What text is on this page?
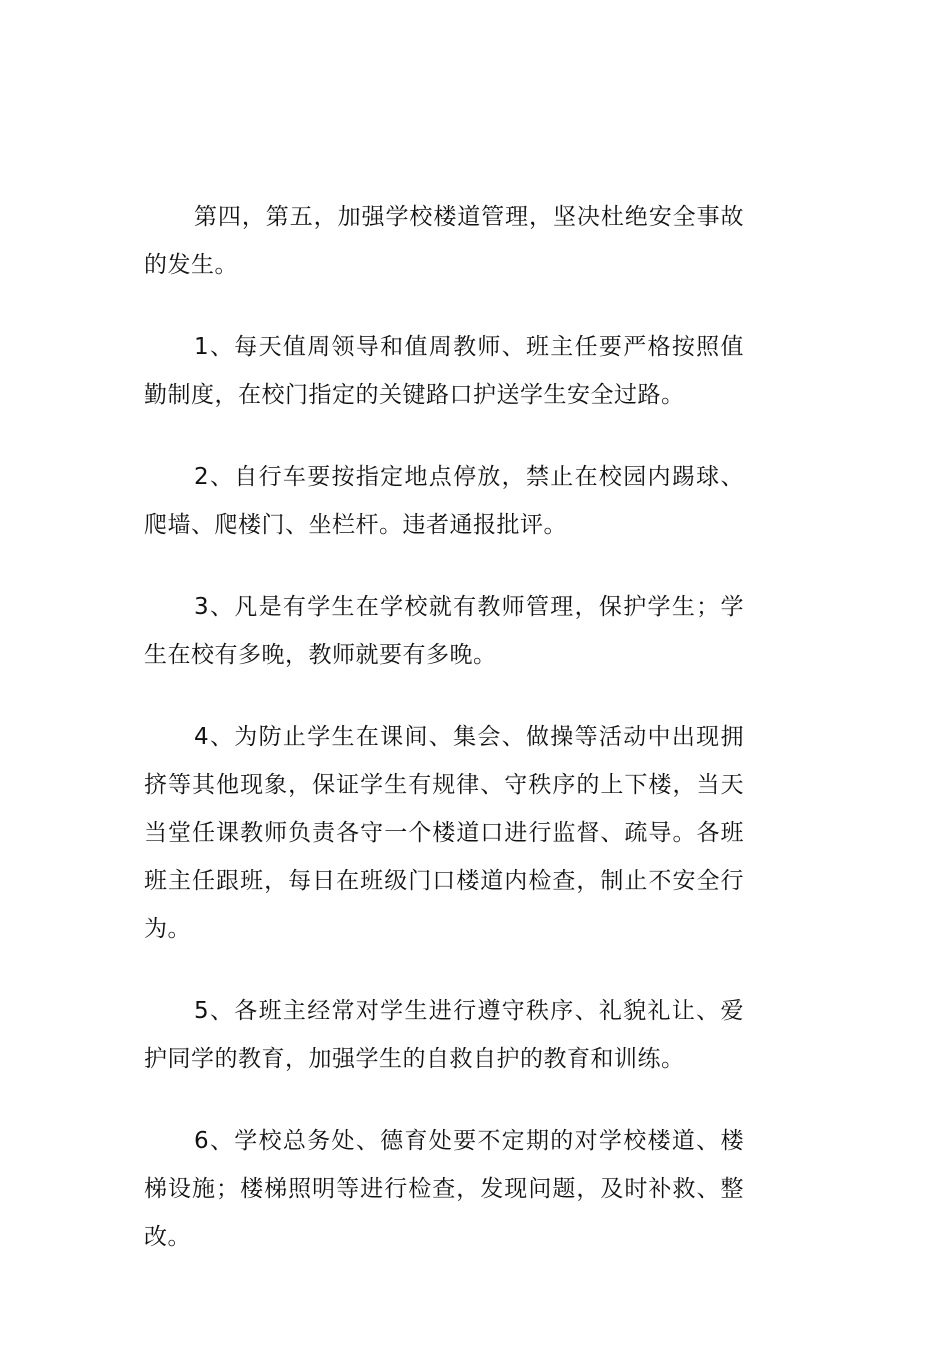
第四，第五，加强学校楼道管理，坚决杜绝安全事故的发生。

1、每天值周领导和值周教师、班主任要严格按照值勤制度，在校门指定的关键路口护送学生安全过路。

2、自行车要按指定地点停放，禁止在校园内踢球、爬墙、爬楼门、坐栏杆。违者通报批评。

3、凡是有学生在学校就有教师管理，保护学生；学生在校有多晚，教师就要有多晚。

4、为防止学生在课间、集会、做操等活动中出现拥挤等其他现象，保证学生有规律、守秩序的上下楼，当天当堂任课教师负责各守一个楼道口进行监督、疏导。各班班主任跟班，每日在班级门口楼道内检查，制止不安全行为。

5、各班主经常对学生进行遵守秩序、礼貌礼让、爱护同学的教育，加强学生的自救自护的教育和训练。

6、学校总务处、德育处要不定期的对学校楼道、楼梯设施；楼梯照明等进行检查，发现问题，及时补救、整改。
